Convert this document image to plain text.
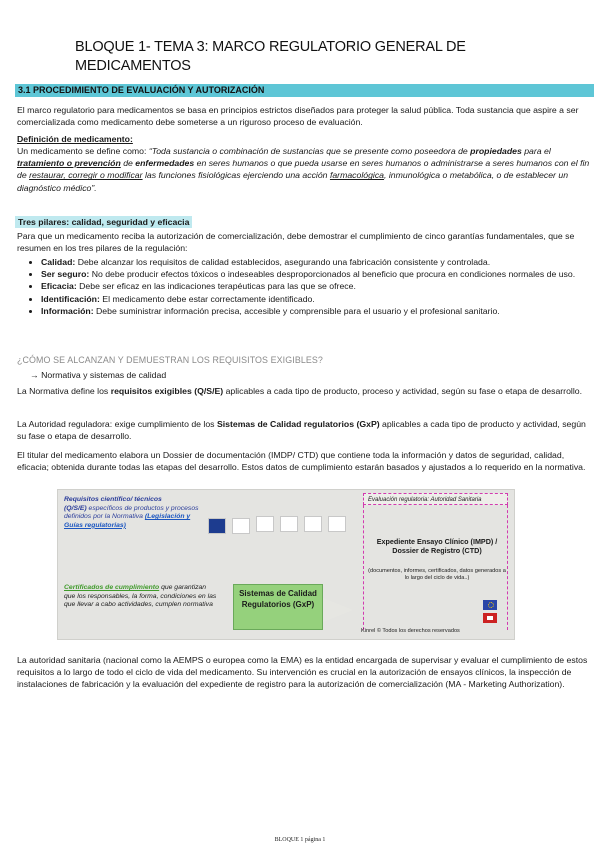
BLOQUE 1- TEMA 3: MARCO REGULATORIO GENERAL DE MEDICAMENTOS
3.1 PROCEDIMIENTO DE EVALUACIÓN Y AUTORIZACIÓN
El marco regulatorio para medicamentos se basa en principios estrictos diseñados para proteger la salud pública. Toda sustancia que aspire a ser comercializada como medicamento debe someterse a un riguroso proceso de evaluación.
Definición de medicamento:
Un medicamento se define como: “Toda sustancia o combinación de sustancias que se presente como poseedora de propiedades para el tratamiento o prevención de enfermedades en seres humanos o que pueda usarse en seres humanos o administrarse a seres humanos con el fin de restaurar, corregir o modificar las funciones fisiológicas ejerciendo una acción farmacológica, inmunológica o metabólica, o de establecer un diagnóstico médico”.
Tres pilares: calidad, seguridad y eficacia
Para que un medicamento reciba la autorización de comercialización, debe demostrar el cumplimiento de cinco garantías fundamentales, que se resumen en los tres pilares de la regulación:
• Calidad: Debe alcanzar los requisitos de calidad establecidos, asegurando una fabricación consistente y controlada.
• Ser seguro: No debe producir efectos tóxicos o indeseables desproporcionados al beneficio que procura en condiciones normales de uso.
• Eficacia: Debe ser eficaz en las indicaciones terapéuticas para las que se ofrece.
• Identificación: El medicamento debe estar correctamente identificado.
• Información: Debe suministrar información precisa, accesible y comprensible para el usuario y el profesional sanitario.
¿CÓMO SE ALCANZAN Y DEMUESTRAN LOS REQUISITOS EXIGIBLES?
→ Normativa y sistemas de calidad
La Normativa define los requisitos exigibles (Q/S/E) aplicables a cada tipo de producto, proceso y actividad, según su fase o etapa de desarrollo.
La Autoridad reguladora: exige cumplimiento de los Sistemas de Calidad regulatorios (GxP) aplicables a cada tipo de producto y actividad, según su fase o etapa de desarrollo.
El titular del medicamento elabora un Dossier de documentación (IMDP/ CTD) que contiene toda la información y datos de seguridad, calidad, eficacia; obtenida durante todas las etapas del desarrollo. Estos datos de cumplimiento estarán basados y ajustados a lo requerido en la normativa.
Requisitos científico/ técnicos
(Q/S/E) específicos de productos y procesos definidos por la Normativa (Legislación y Guías regulatorias)
Certificados de cumplimiento que garantizan que los responsables, la forma, condiciones en las que llevar a cabo actividades, cumplen normativa
Sistemas de Calidad Regulatorios (GxP)
Evaluación regulatoria: Autoridad Sanitaria
Expediente Ensayo Clínico (IMPD) / Dossier de Registro (CTD)
(documentos, informes, certificados, datos generados a lo largo del ciclo de vida..)
Kinrel © Todos los derechos reservados
La autoridad sanitaria (nacional como la AEMPS o europea como la EMA) es la entidad encargada de supervisar y evaluar el cumplimiento de estos requisitos a lo largo de todo el ciclo de vida del medicamento. Su intervención es crucial en la autorización de ensayos clínicos, la inspección de instalaciones de fabricación y la evaluación del expediente de registro para la autorización de comercialización (MA - Marketing Authorization).
BLOQUE 1 página 1
